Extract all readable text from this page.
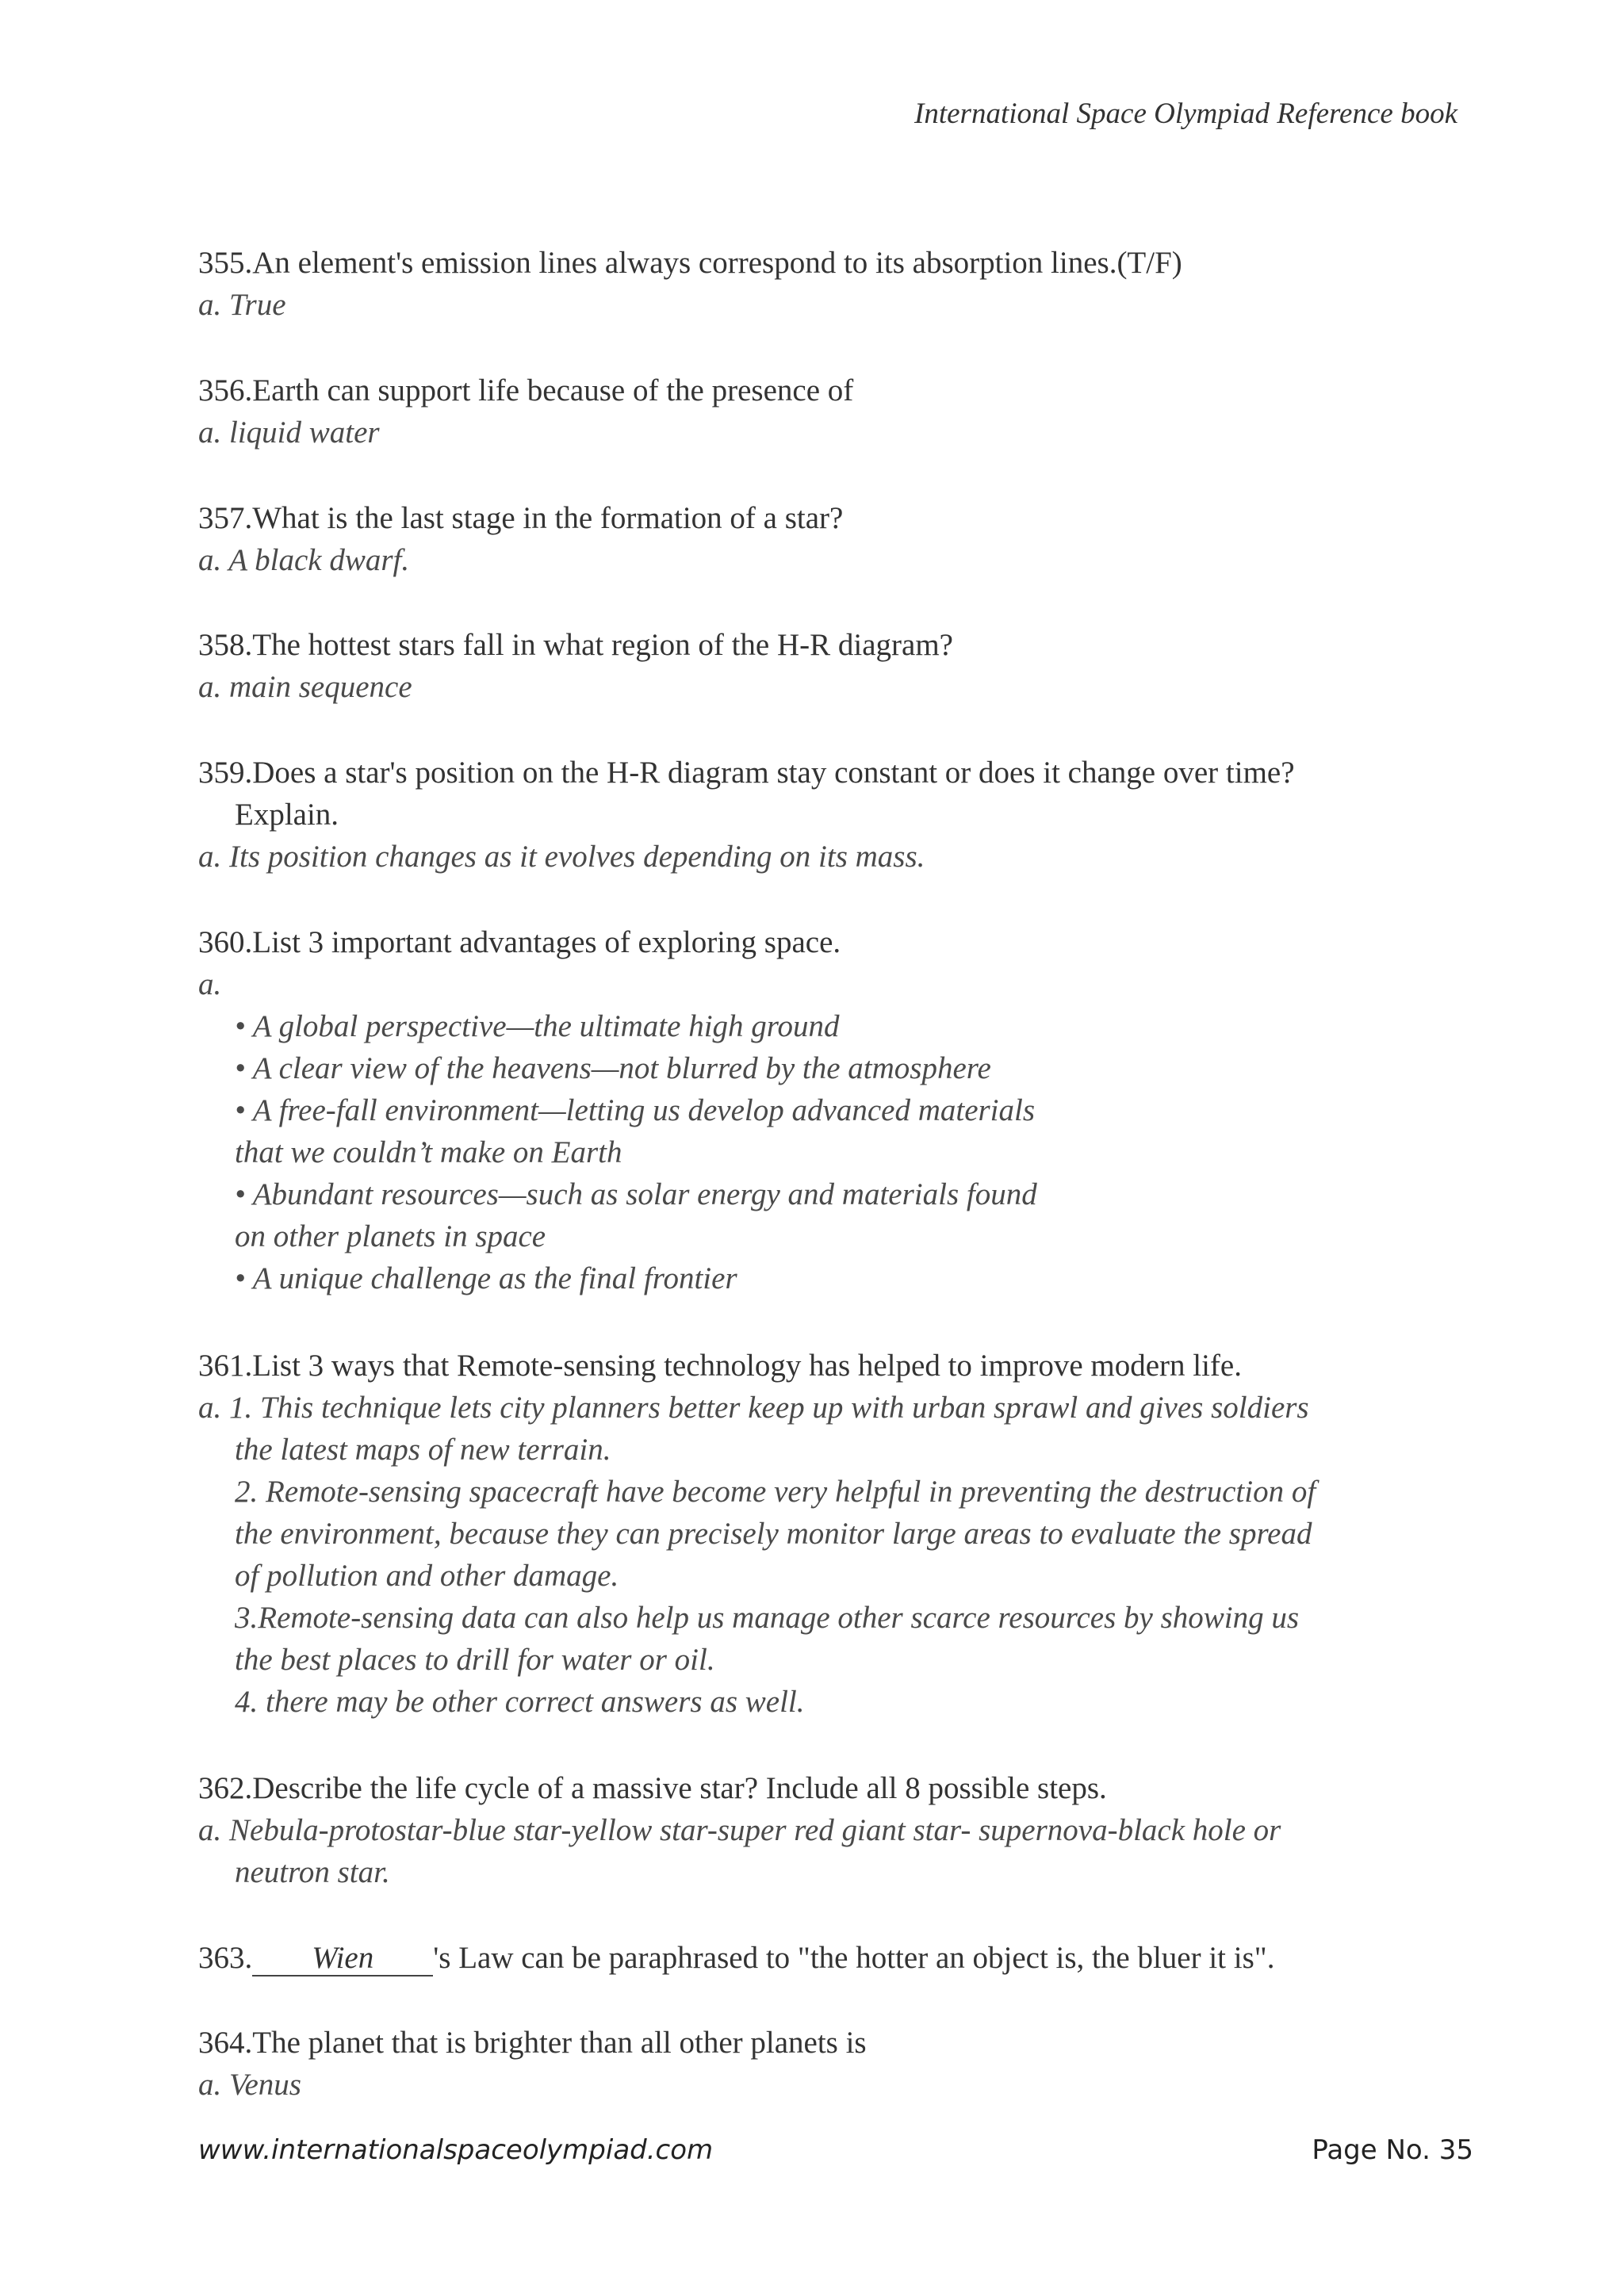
International Space Olympiad Reference book
355.An element's emission lines always correspond to its absorption lines.(T/F)
a. True
356.Earth can support life because of the presence of
a. liquid water
357.What is the last stage in the formation of a star?
a. A black dwarf.
358.The hottest stars fall in what region of the H-R diagram?
a. main sequence
359.Does a star's position on the H-R diagram stay constant or does it change over time?
Explain.
a. Its position changes as it evolves depending on its mass.
360.List 3 important advantages of exploring space.
a.
• A global perspective—the ultimate high ground
• A clear view of the heavens—not blurred by the atmosphere
• A free-fall environment—letting us develop advanced materials
that we couldn’t make on Earth
• Abundant resources—such as solar energy and materials found
on other planets in space
• A unique challenge as the final frontier
361.List 3 ways that Remote-sensing technology has helped to improve modern life.
a. 1. This technique lets city planners better keep up with urban sprawl and gives soldiers
the latest maps of new terrain.
2. Remote-sensing spacecraft have become very helpful in preventing the destruction of
the environment, because they can precisely monitor large areas to evaluate the spread
of pollution and other damage.
3.Remote-sensing data can also help us manage other scarce resources by showing us
the best places to drill for water or oil.
4. there may be other correct answers as well.
362.Describe the life cycle of a massive star? Include all 8 possible steps.
a. Nebula-protostar-blue star-yellow star-super red giant star- supernova-black hole or
neutron star.
363. Wien 's Law can be paraphrased to "the hotter an object is, the bluer it is".
364.The planet that is brighter than all other planets is
a. Venus
www.internationalspaceolympiad.com	Page No. 35
